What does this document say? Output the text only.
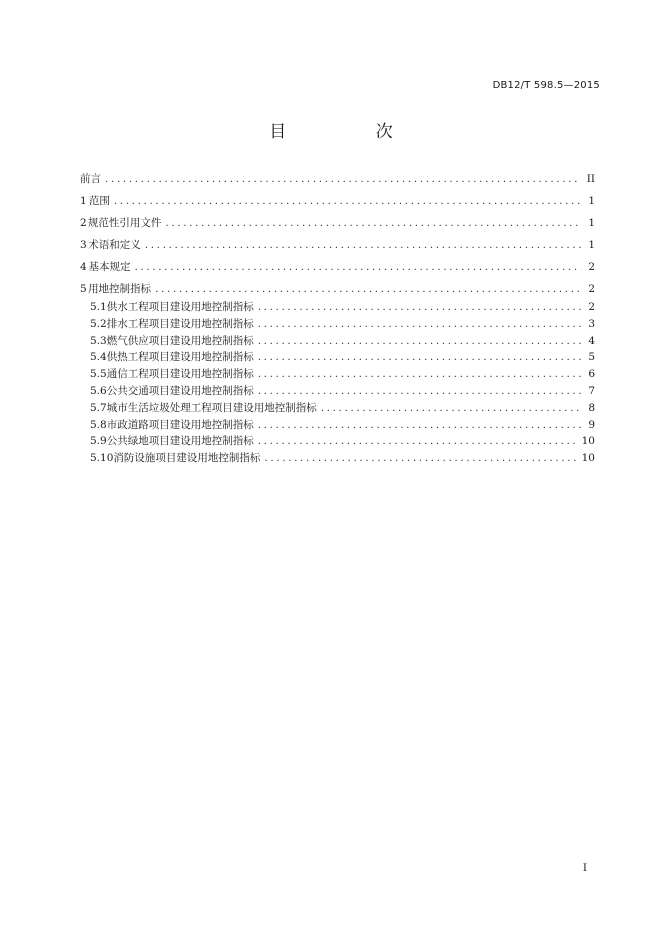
DB12/T 598.5—2015
目 次
前言 .....	II
1 范围 .....	1
2 规范性引用文件 .....	1
3 术语和定义 .....	1
4 基本规定 .....	2
5 用地控制指标 .....	2
5.1 供水工程项目建设用地控制指标 .....	2
5.2 排水工程项目建设用地控制指标 .....	3
5.3 燃气供应项目建设用地控制指标 .....	4
5.4 供热工程项目建设用地控制指标 .....	5
5.5 通信工程项目建设用地控制指标 .....	6
5.6 公共交通项目建设用地控制指标 .....	7
5.7 城市生活垃圾处理工程项目建设用地控制指标 .....	8
5.8 市政道路项目建设用地控制指标 .....	9
5.9 公共绿地项目建设用地控制指标 .....	10
5.10 消防设施项目建设用地控制指标 .....	10
I
